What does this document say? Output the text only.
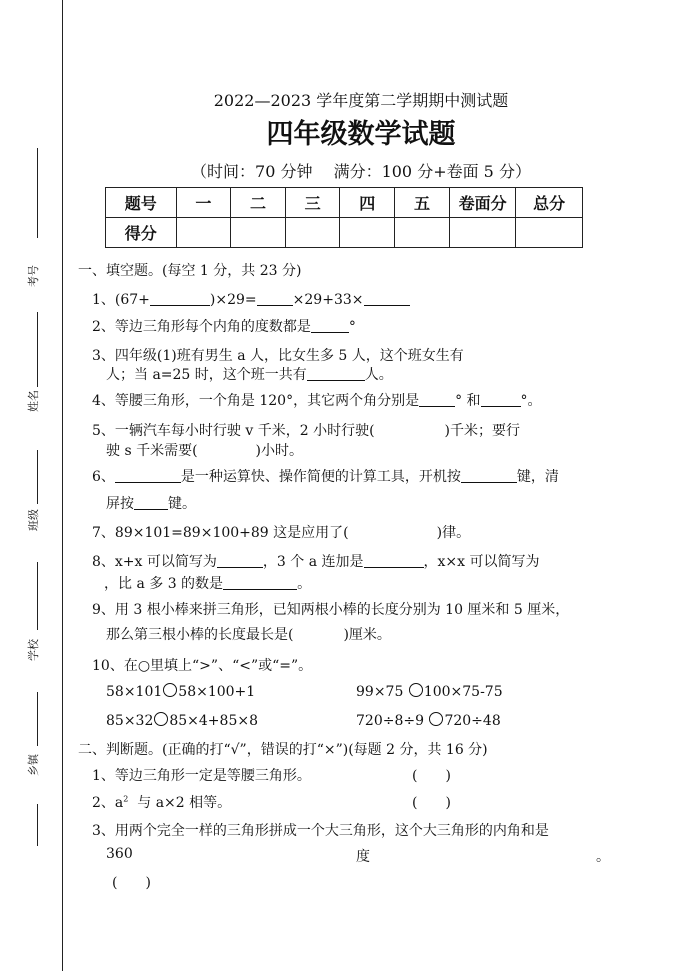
考号
姓名
班级
学校
乡镇
2022—2023 学年度第二学期期中测试题
四年级数学试题
（时间：70 分钟　 满分：100 分+卷面 5 分）
题号	一	二	三	四	五	卷面分	总分
得分							
一、填空题。(每空 1 分，共 23 分)
1、(67+	)×29=	×29+33×
2、等边三角形每个内角的度数都是	°
3、四年级(1)班有男生 a 人，比女生多 5 人，这个班女生有
人；当 a=25 时，这个班一共有	人。
4、等腰三角形，一个角是 120°，其它两个角分别是	° 和	°。
5、一辆汽车每小时行驶 v 千米，2 小时行驶(	)千米；要行
驶 s 千米需要(	)小时。
6、	是一种运算快、操作简便的计算工具，开机按	键，清
屏按 键。
7、89×101=89×100+89 这是应用了(	)律。
8、x+x 可以简写为	，3 个 a 连加是	，x×x 可以简写为
，比 a 多 3 的数是	。
9、用 3 根小棒来拼三角形，已知两根小棒的长度分别为 10 厘米和 5 厘米，
那么第三根小棒的长度最长是(	)厘米。
10、在○里填上“>”、“<”或“=”。
58×101 58×100+1	99×75 100×75-75
85×32 85×4+85×8	720÷8÷9 720÷48
二、判断题。(正确的打“√”，错误的打“×”)(每题 2 分，共 16 分)
1、等边三角形一定是等腰三角形。	(　　)
2、$a^2$ 与 a×2 相等。	(　　)
3、用两个完全一样的三角形拼成一个大三角形，这个大三角形的内角和是
360	度	。
(　　)
